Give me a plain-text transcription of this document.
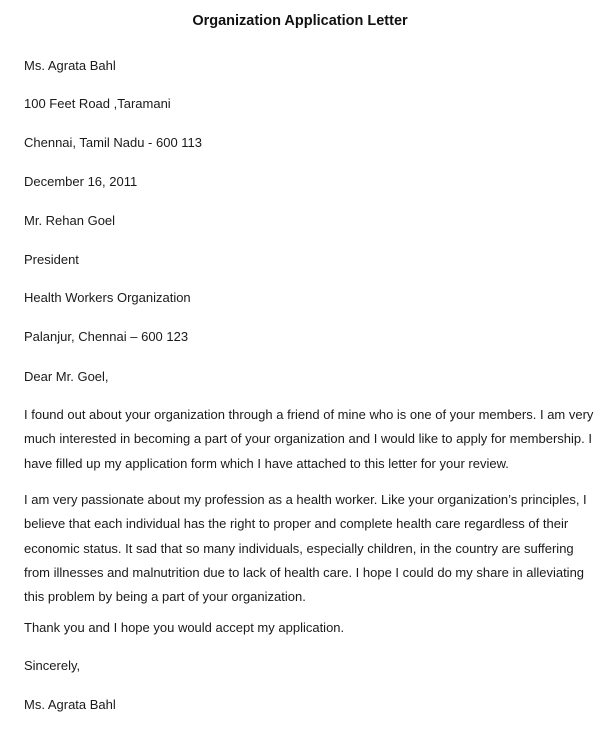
Organization Application Letter
Ms. Agrata Bahl
100 Feet Road ,Taramani
Chennai, Tamil Nadu - 600 113
December 16, 2011
Mr. Rehan Goel
President
Health Workers Organization
Palanjur, Chennai – 600 123
Dear Mr. Goel,
I found out about your organization through a friend of mine who is one of your members. I am very
much interested in becoming a part of your organization and I would like to apply for membership. I
have filled up my application form which I have attached to this letter for your review.
I am very passionate about my profession as a health worker. Like your organization’s principles, I
believe that each individual has the right to proper and complete health care regardless of their
economic status. It sad that so many individuals, especially children, in the country are suffering
from illnesses and malnutrition due to lack of health care. I hope I could do my share in alleviating
this problem by being a part of your organization.
Thank you and I hope you would accept my application.
Sincerely,
Ms. Agrata Bahl
